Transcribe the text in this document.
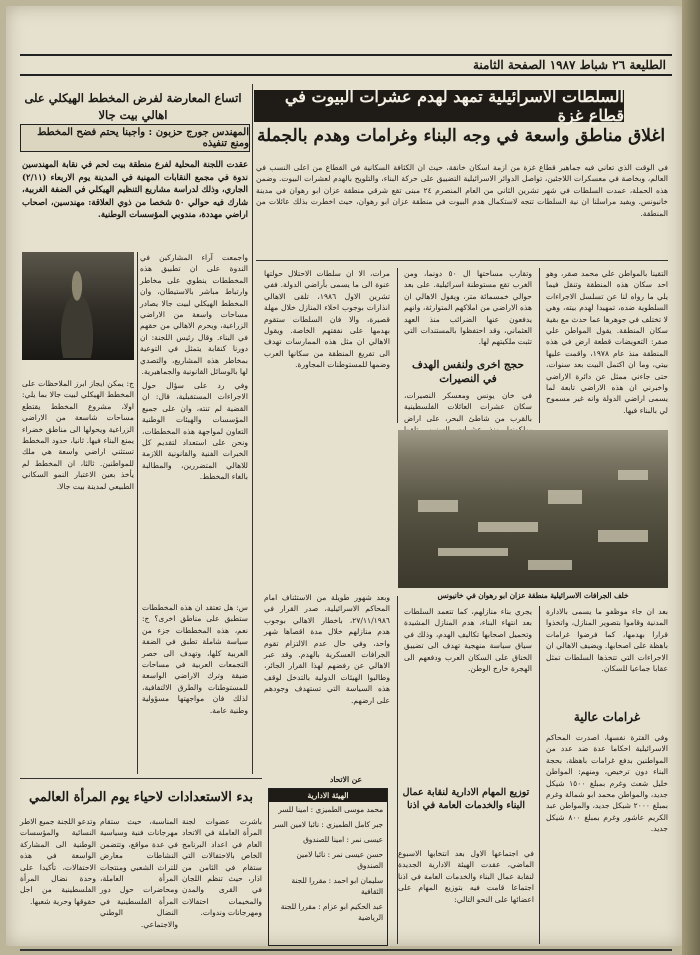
الطليعة ٢٦ شباط ١٩٨٧ الصفحة الثامنة
السلطات الاسرائيلية تمهد لهدم عشرات البيوت في قطاع غزة
اغلاق مناطق واسعة في وجه البناء وغرامات وهدم بالجملة
في الوقت الذي تعاني فيه جماهير قطاع غزة من ازمة اسكان خانقة، حيث ان الكثافة السكانية في القطاع من اعلى النسب في العالم، وبخاصة في معسكرات اللاجئين، تواصل الدوائر الاسرائيلية التضييق على حركة البناء، والتلويح بالهدم لعشرات البيوت. وضمن هذه الحملة، عمدت السلطات في شهر تشرين الثاني من العام المنصرم ٢٤ مبنى تقع شرقي منطقة عزان ابو رهوان في مدينة خانيونس. ويفيد مراسلنا ان نية السلطات تتجه لاستكمال هدم البيوت في منطقة عزان ابو رهوان، حيث اخطرت بذلك عائلات من المنطقة.
التقينا بالمواطن علي محمد صقر، وهو احد سكان هذه المنطقة وتنقل فيما يلي ما رواه لنا عن تسلسل الاجراءات السلطوية ضده، تمهيدا لهدم بيته، وهي لا تختلف في جوهرها عما حدث مع بقية سكان المنطقة. يقول المواطن علي صقر: التعويضات قطعة ارض في هذه المنطقة منذ عام ١٩٧٨، واقمت عليها بيتي، وما ان اكتمل البيت بعد سنوات، حتى جاءني ممثل عن دائرة الاراضي واخبرني ان هذه الاراضي تابعة لما يسمى اراضي الدولة وانه غير مسموح لي بالبناء فيها.
وتقارب مساحتها ال ٥٠ دونما، ومن الغرب تقع مستوطنة اسرائيلية. على بعد حوالي خمسمائة متر، ويقول الاهالي ان هذه الاراضي من املاكهم المتوارثة، وانهم يدفعون عنها الضرائب منذ العهد العثماني، وقد احتفظوا بالمستندات التي تثبت ملكيتهم لها.
حجج اخرى ولنفس الهدف في النصيرات
في خان يونس ومعسكر النصيرات، سكان عشرات العائلات الفلسطينية بالقرب من شاطئ البحر، على اراض
مرات، الا ان سلطات الاحتلال حولتها عنوة الى ما يسمى بأراضي الدولة. ففي تشرين الاول ١٩٨٦، تلقى الاهالي انذارات بوجوب اخلاء المنازل خلال مهلة قصيرة، والا فان السلطات ستقوم بهدمها على نفقتهم الخاصة. ويقول الاهالي ان مثل هذه الممارسات تهدف الى تفريغ المنطقة من سكانها العرب وضمها للمستوطنات المجاورة.
خلف الجرافات الاسرائيلية منطقة عزان ابو رهوان في خانيونس
بعد ان جاء موظفو ما يسمى بالادارة المدنية وقاموا بتصوير المنازل، واتخذوا قرارا بهدمها، كما فرضوا غرامات باهظة على اصحابها. ويضيف الاهالي ان الاجراءات التي تتخذها السلطات تمثل عقابا جماعيا للسكان.
غرامات عالية
وفي الفترة نفسها، اصدرت المحاكم الاسرائيلية احكاما عدة ضد عدد من المواطنين بدفع غرامات باهظة، بحجة البناء دون ترخيص، ومنهم: المواطن خليل شعث وغرم بمبلغ ١٥٠٠ شيكل جديد، والمواطن محمد ابو شمالة وغرم بمبلغ ٢٠٠٠ شيكل جديد، والمواطن عبد الكريم عاشور وغرم بمبلغ ٨٠٠ شيكل جديد.
يجري بناء منازلهم، كما تتعمد السلطات بعد انتهاء البناء، هدم المنازل المشيدة وتحميل اصحابها تكاليف الهدم، وذلك في سياق سياسة منهجية تهدف الى تضييق الخناق على السكان العرب ودفعهم الى الهجرة خارج الوطن.
وبعد شهور طويلة من الاستئناف امام المحاكم الاسرائيلية، صدر القرار في ٢٧/١١/١٩٨٦، باخطار الاهالي بوجوب هدم منازلهم خلال مدة اقصاها شهر واحد، وفي حال عدم الالتزام تقوم الجرافات العسكرية بالهدم. وقد عبر الاهالي عن رفضهم لهذا القرار الجائر، وطالبوا الهيئات الدولية بالتدخل لوقف هذه السياسة التي تستهدف وجودهم على ارضهم.
توزيع المهام الادارية لنقابة عمال البناء والخدمات العامة في اذنا
في اجتماعها الاول بعد انتخابها الاسبوع الماضي، عقدت الهيئة الادارية الجديدة لنقابة عمال البناء والخدمات العامة في اذنا اجتماعا قامت فيه بتوزيع المهام على اعضائها على النحو التالي:
الهيئة الادارية
محمد موسى الطميزي : امينا للسر
جبر كامل الطميزي : نائبا لامين السر
عيسى نمر : امينا للصندوق
حسن عيسى نمر : نائبا لامين الصندوق
سليمان ابو احمد : مقررا للجنة الثقافية
عبد الحكيم ابو عزام : مقررا للجنة الرياضية
اتساع المعارضة لفرض المخطط الهيكلي على اهالي بيت جالا
المهندس جورج حزبون : واجبنا يحتم فضح المخطط ومنع تنفيذه
عقدت اللجنة المحلية لفرع منطقة بيت لحم في نقابة المهندسين ندوة في مجمع النقابات المهنية في المدينة يوم الاربعاء (٢/١١) الجاري، وذلك لدراسة مشاريع التنظيم الهيكلي في الضفة الغربية، شارك فيه حوالي ٥٠ شخصا من ذوي العلاقة: مهندسين، اصحاب اراضي مهددة، مندوبي المؤسسات الوطنية.
واجمعت آراء المشاركين في الندوة على ان تطبيق هذه المخططات ينطوي على مخاطر وارتباط مباشر بالاستيطان، وان المخطط الهيكلي لبيت جالا يصادر مساحات واسعة من الاراضي الزراعية، ويحرم الاهالي من حقهم في البناء. وقال رئيس اللجنة: ان دورنا كنقابة يتمثل في التوعية بمخاطر هذه المشاريع، والتصدي لها بالوسائل القانونية والجماهيرية.
ج: يمكن ايجاز ابرز الملاحظات على المخطط الهيكلي لبيت جالا بما يلي: اولا، مشروع المخطط يقتطع مساحات شاسعة من الاراضي الزراعية ويحولها الى مناطق خضراء يمنع البناء فيها. ثانيا، حدود المخطط تستثني اراضي واسعة هي ملك للمواطنين. ثالثا، ان المخطط لم يأخذ بعين الاعتبار النمو السكاني الطبيعي لمدينة بيت جالا.
وفي رد على سؤال حول الاجراءات المستقبلية، قال: ان القضية لم تنته، وان على جميع المؤسسات والهيئات الوطنية التعاون لمواجهة هذه المخططات، ونحن على استعداد لتقديم كل الخبرات الفنية والقانونية اللازمة للاهالي المتضررين، والمطالبة بالغاء المخطط.
س: هل تعتقد ان هذه المخططات ستطبق على مناطق اخرى؟ ج: نعم، هذه المخططات جزء من سياسة شاملة تطبق في الضفة الغربية كلها، وتهدف الى حصر التجمعات العربية في مساحات ضيقة وترك الاراضي الواسعة للمستوطنات والطرق الالتفافية، لذلك فان مواجهتها مسؤولية وطنية عامة.
بدء الاستعدادات لاحياء يوم المرأة العالمي
باشرت عضوات لجنة المرأة العاملة في الاتحاد العام في اعداد البرنامج الخاص بالاحتفالات التي ستقام في الثامن من اذار، حيث تنظم اللجان في القرى والمدن والمخيمات احتفالات ومهرجانات وندوات.
المناسبة، حيث ستقام مهرجانات فنية وسياسية في عدة مواقع، وتتضمن النشاطات معارض للتراث الشعبي ومنتجات المرأة العاملة، ومحاضرات حول دور المرأة الفلسطينية في النضال الوطني والاجتماعي.
وتدعو اللجنة جميع الاطر النسائية والمؤسسات الوطنية الى المشاركة الواسعة في هذه الاحتفالات، تأكيدا على وحدة نضال المرأة الفلسطينية من اجل حقوقها وحرية شعبها.
عن الاتحاد
